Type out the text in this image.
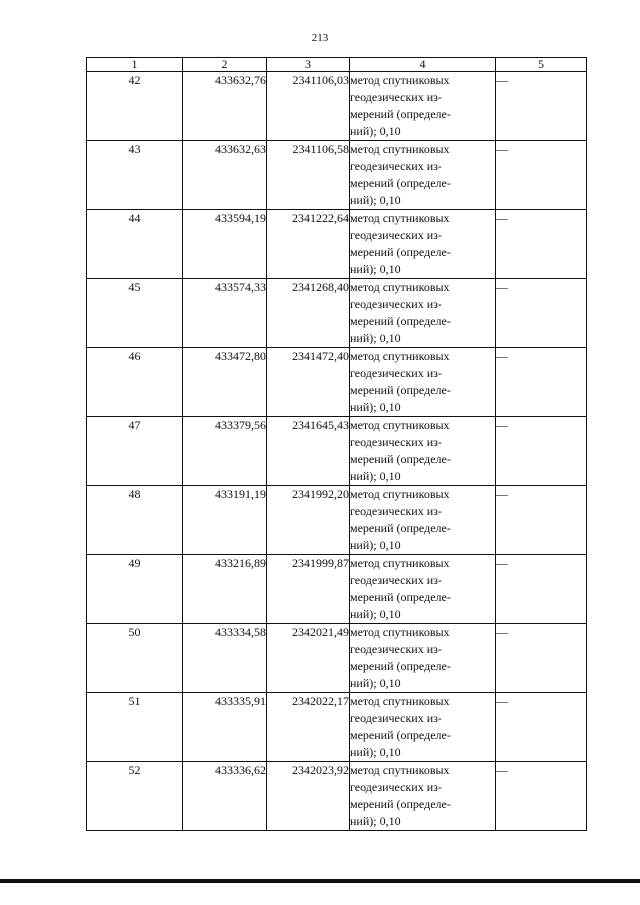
213
1	2	3	4	5
42	433632,76	2341106,03	метод спутниковых
геодезических из-
мерений (определе-
ний); 0,10	—
43	433632,63	2341106,58	метод спутниковых
геодезических из-
мерений (определе-
ний); 0,10	—
44	433594,19	2341222,64	метод спутниковых
геодезических из-
мерений (определе-
ний); 0,10	—
45	433574,33	2341268,40	метод спутниковых
геодезических из-
мерений (определе-
ний); 0,10	—
46	433472,80	2341472,40	метод спутниковых
геодезических из-
мерений (определе-
ний); 0,10	—
47	433379,56	2341645,43	метод спутниковых
геодезических из-
мерений (определе-
ний); 0,10	—
48	433191,19	2341992,20	метод спутниковых
геодезических из-
мерений (определе-
ний); 0,10	—
49	433216,89	2341999,87	метод спутниковых
геодезических из-
мерений (определе-
ний); 0,10	—
50	433334,58	2342021,49	метод спутниковых
геодезических из-
мерений (определе-
ний); 0,10	—
51	433335,91	2342022,17	метод спутниковых
геодезических из-
мерений (определе-
ний); 0,10	—
52	433336,62	2342023,92	метод спутниковых
геодезических из-
мерений (определе-
ний); 0,10	—
